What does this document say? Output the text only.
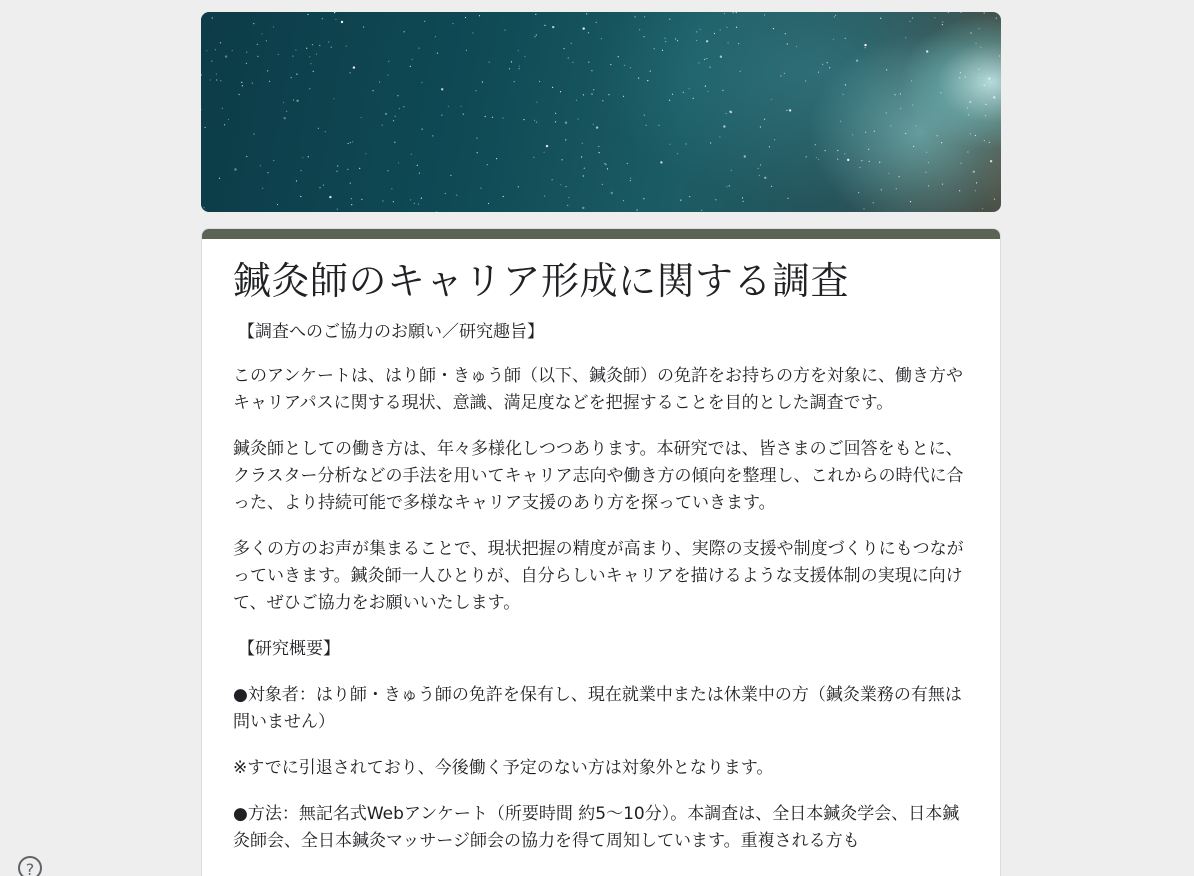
鍼灸師のキャリア形成に関する調査

【調査へのご協力のお願い／研究趣旨】

このアンケートは、はり師・きゅう師（以下、鍼灸師）の免許をお持ちの方を対象に、働き方やキャリアパスに関する現状、意識、満足度などを把握することを目的とした調査です。

鍼灸師としての働き方は、年々多様化しつつあります。本研究では、皆さまのご回答をもとに、クラスター分析などの手法を用いてキャリア志向や働き方の傾向を整理し、これからの時代に合った、より持続可能で多様なキャリア支援のあり方を探っていきます。

多くの方のお声が集まることで、現状把握の精度が高まり、実際の支援や制度づくりにもつながっていきます。鍼灸師一人ひとりが、自分らしいキャリアを描けるような支援体制の実現に向けて、ぜひご協力をお願いいたします。

【研究概要】

●対象者：はり師・きゅう師の免許を保有し、現在就業中または休業中の方（鍼灸業務の有無は問いません）

※すでに引退されており、今後働く予定のない方は対象外となります。

●方法：無記名式Webアンケート（所要時間 約5〜10分）。本調査は、全日本鍼灸学会、日本鍼灸師会、全日本鍼灸マッサージ師会の協力を得て周知しています。重複される方も

?
